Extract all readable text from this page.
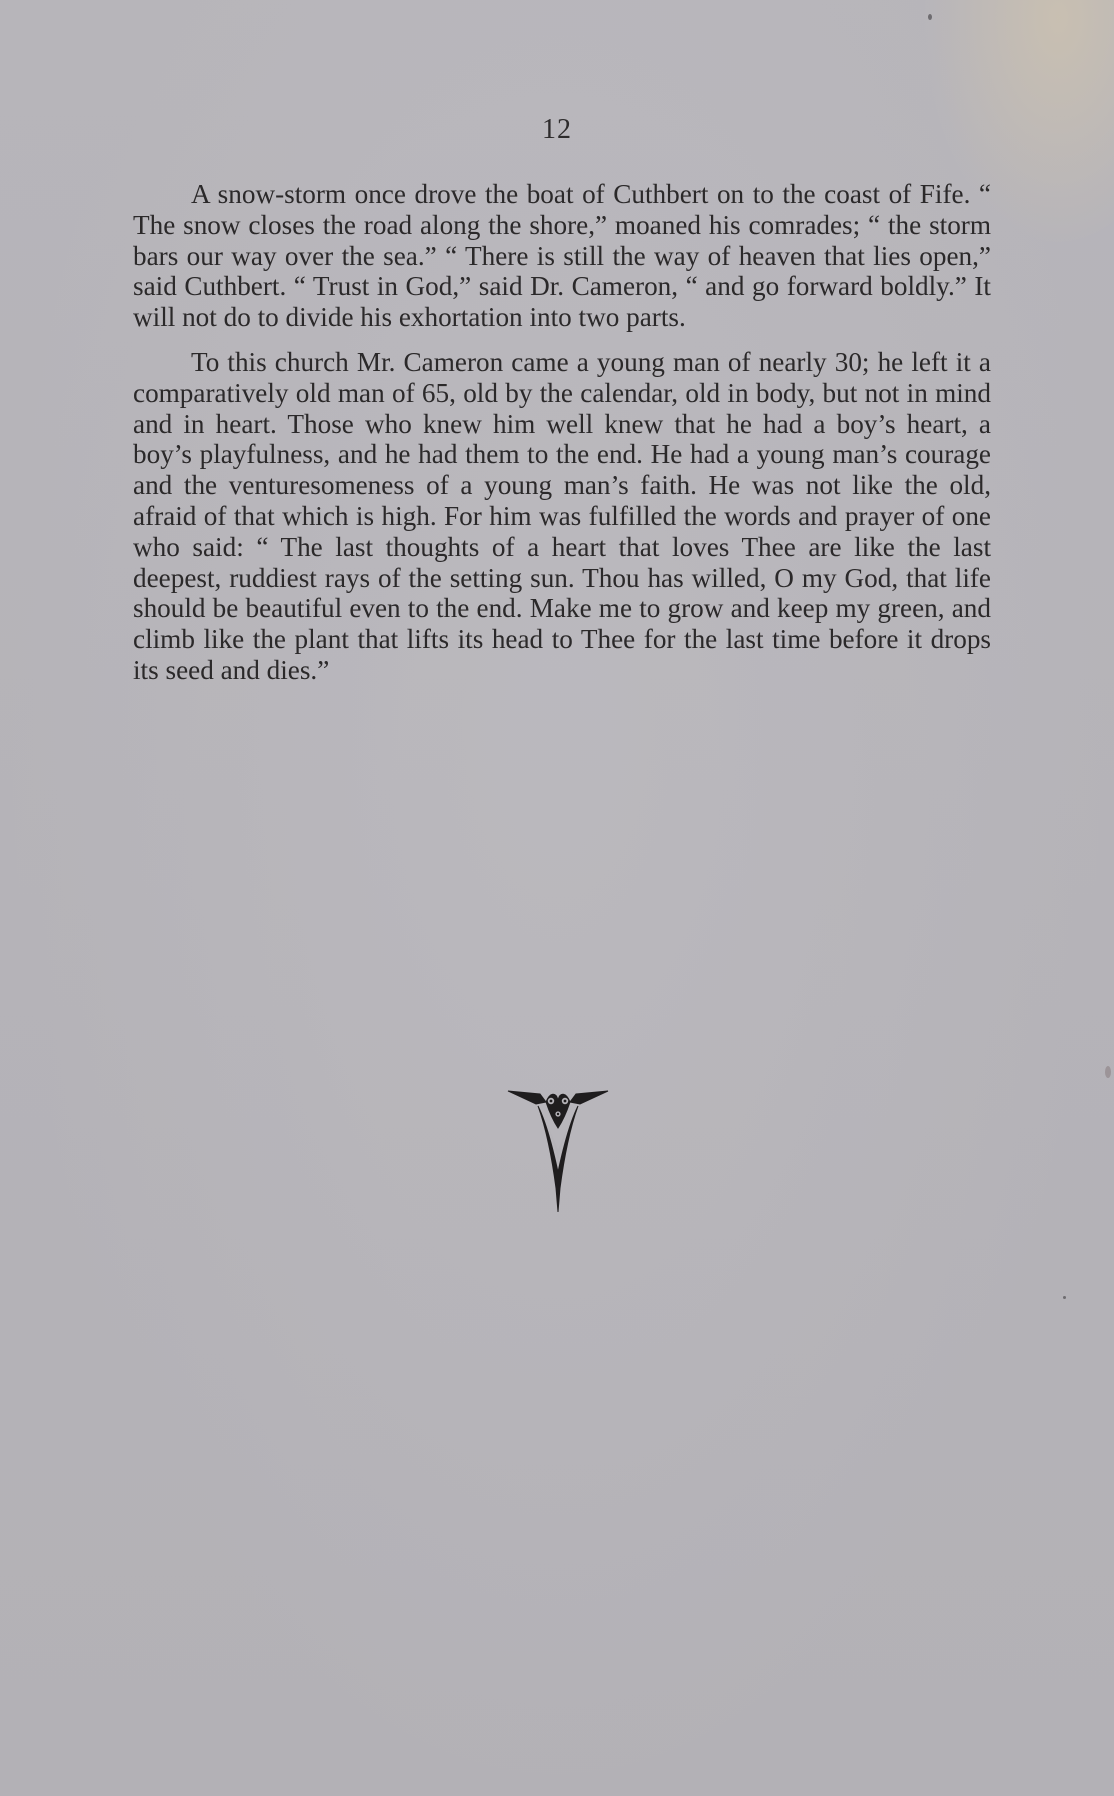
12

A snow-storm once drove the boat of Cuthbert on to the coast of Fife. “ The snow closes the road along the shore,” moaned his comrades; “ the storm bars our way over the sea.” “ There is still the way of heaven that lies open,” said Cuthbert. “ Trust in God,” said Dr. Cameron, “ and go forward boldly.” It will not do to divide his exhortation into two parts.

To this church Mr. Cameron came a young man of nearly 30; he left it a comparatively old man of 65, old by the calendar, old in body, but not in mind and in heart. Those who knew him well knew that he had a boy’s heart, a boy’s playfulness, and he had them to the end. He had a young man’s courage and the venturesomeness of a young man’s faith. He was not like the old, afraid of that which is high. For him was fulfilled the words and prayer of one who said: “ The last thoughts of a heart that loves Thee are like the last deepest, ruddiest rays of the setting sun. Thou has willed, O my God, that life should be beautiful even to the end. Make me to grow and keep my green, and climb like the plant that lifts its head to Thee for the last time before it drops its seed and dies.”
